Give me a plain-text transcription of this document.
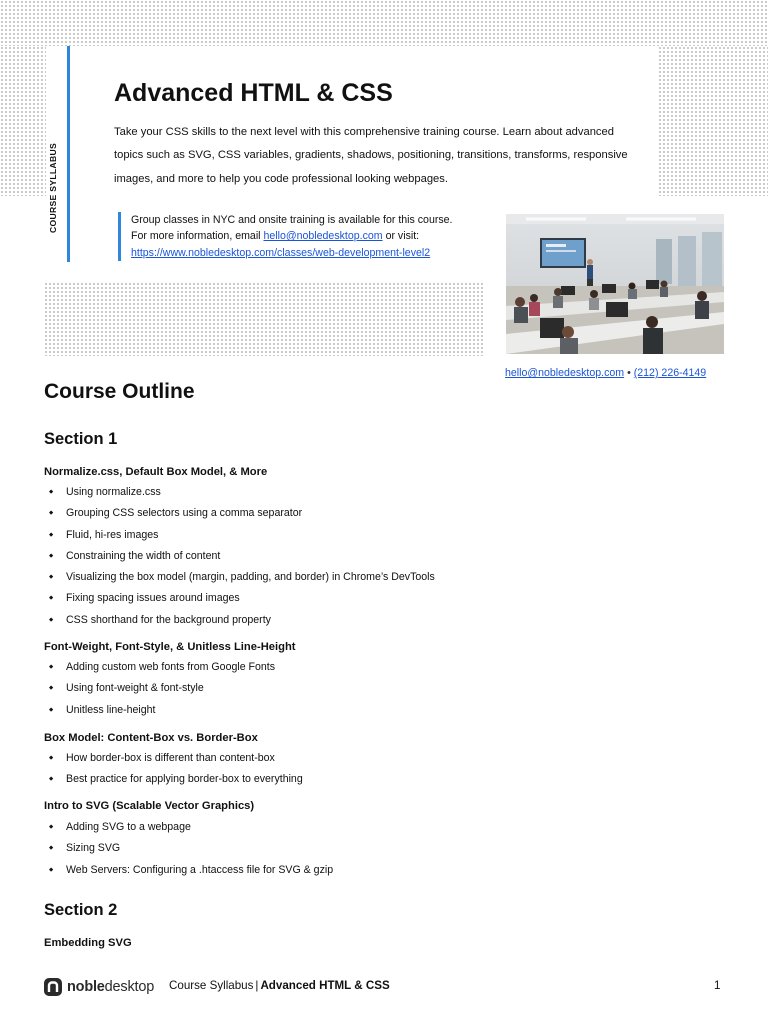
COURSE SYLLABUS
Advanced HTML & CSS

Take your CSS skills to the next level with this comprehensive training course. Learn about advanced topics such as SVG, CSS variables, gradients, shadows, positioning, transitions, transforms, responsive images, and more to help you code professional looking webpages.

Group classes in NYC and onsite training is available for this course.
For more information, email hello@nobledesktop.com or visit:
https://www.nobledesktop.com/classes/web-development-level2
hello@nobledesktop.com • (212) 226-4149
Course Outline
Section 1
Normalize.css, Default Box Model, & More
◆ Using normalize.css
◆ Grouping CSS selectors using a comma separator
◆ Fluid, hi-res images
◆ Constraining the width of content
◆ Visualizing the box model (margin, padding, and border) in Chrome’s DevTools
◆ Fixing spacing issues around images
◆ CSS shorthand for the background property
Font-Weight, Font-Style, & Unitless Line-Height
◆ Adding custom web fonts from Google Fonts
◆ Using font-weight & font-style
◆ Unitless line-height
Box Model: Content-Box vs. Border-Box
◆ How border-box is different than content-box
◆ Best practice for applying border-box to everything
Intro to SVG (Scalable Vector Graphics)
◆ Adding SVG to a webpage
◆ Sizing SVG
◆ Web Servers: Configuring a .htaccess file for SVG & gzip
Section 2
Embedding SVG
nobledesktop Course Syllabus | Advanced HTML & CSS	1
